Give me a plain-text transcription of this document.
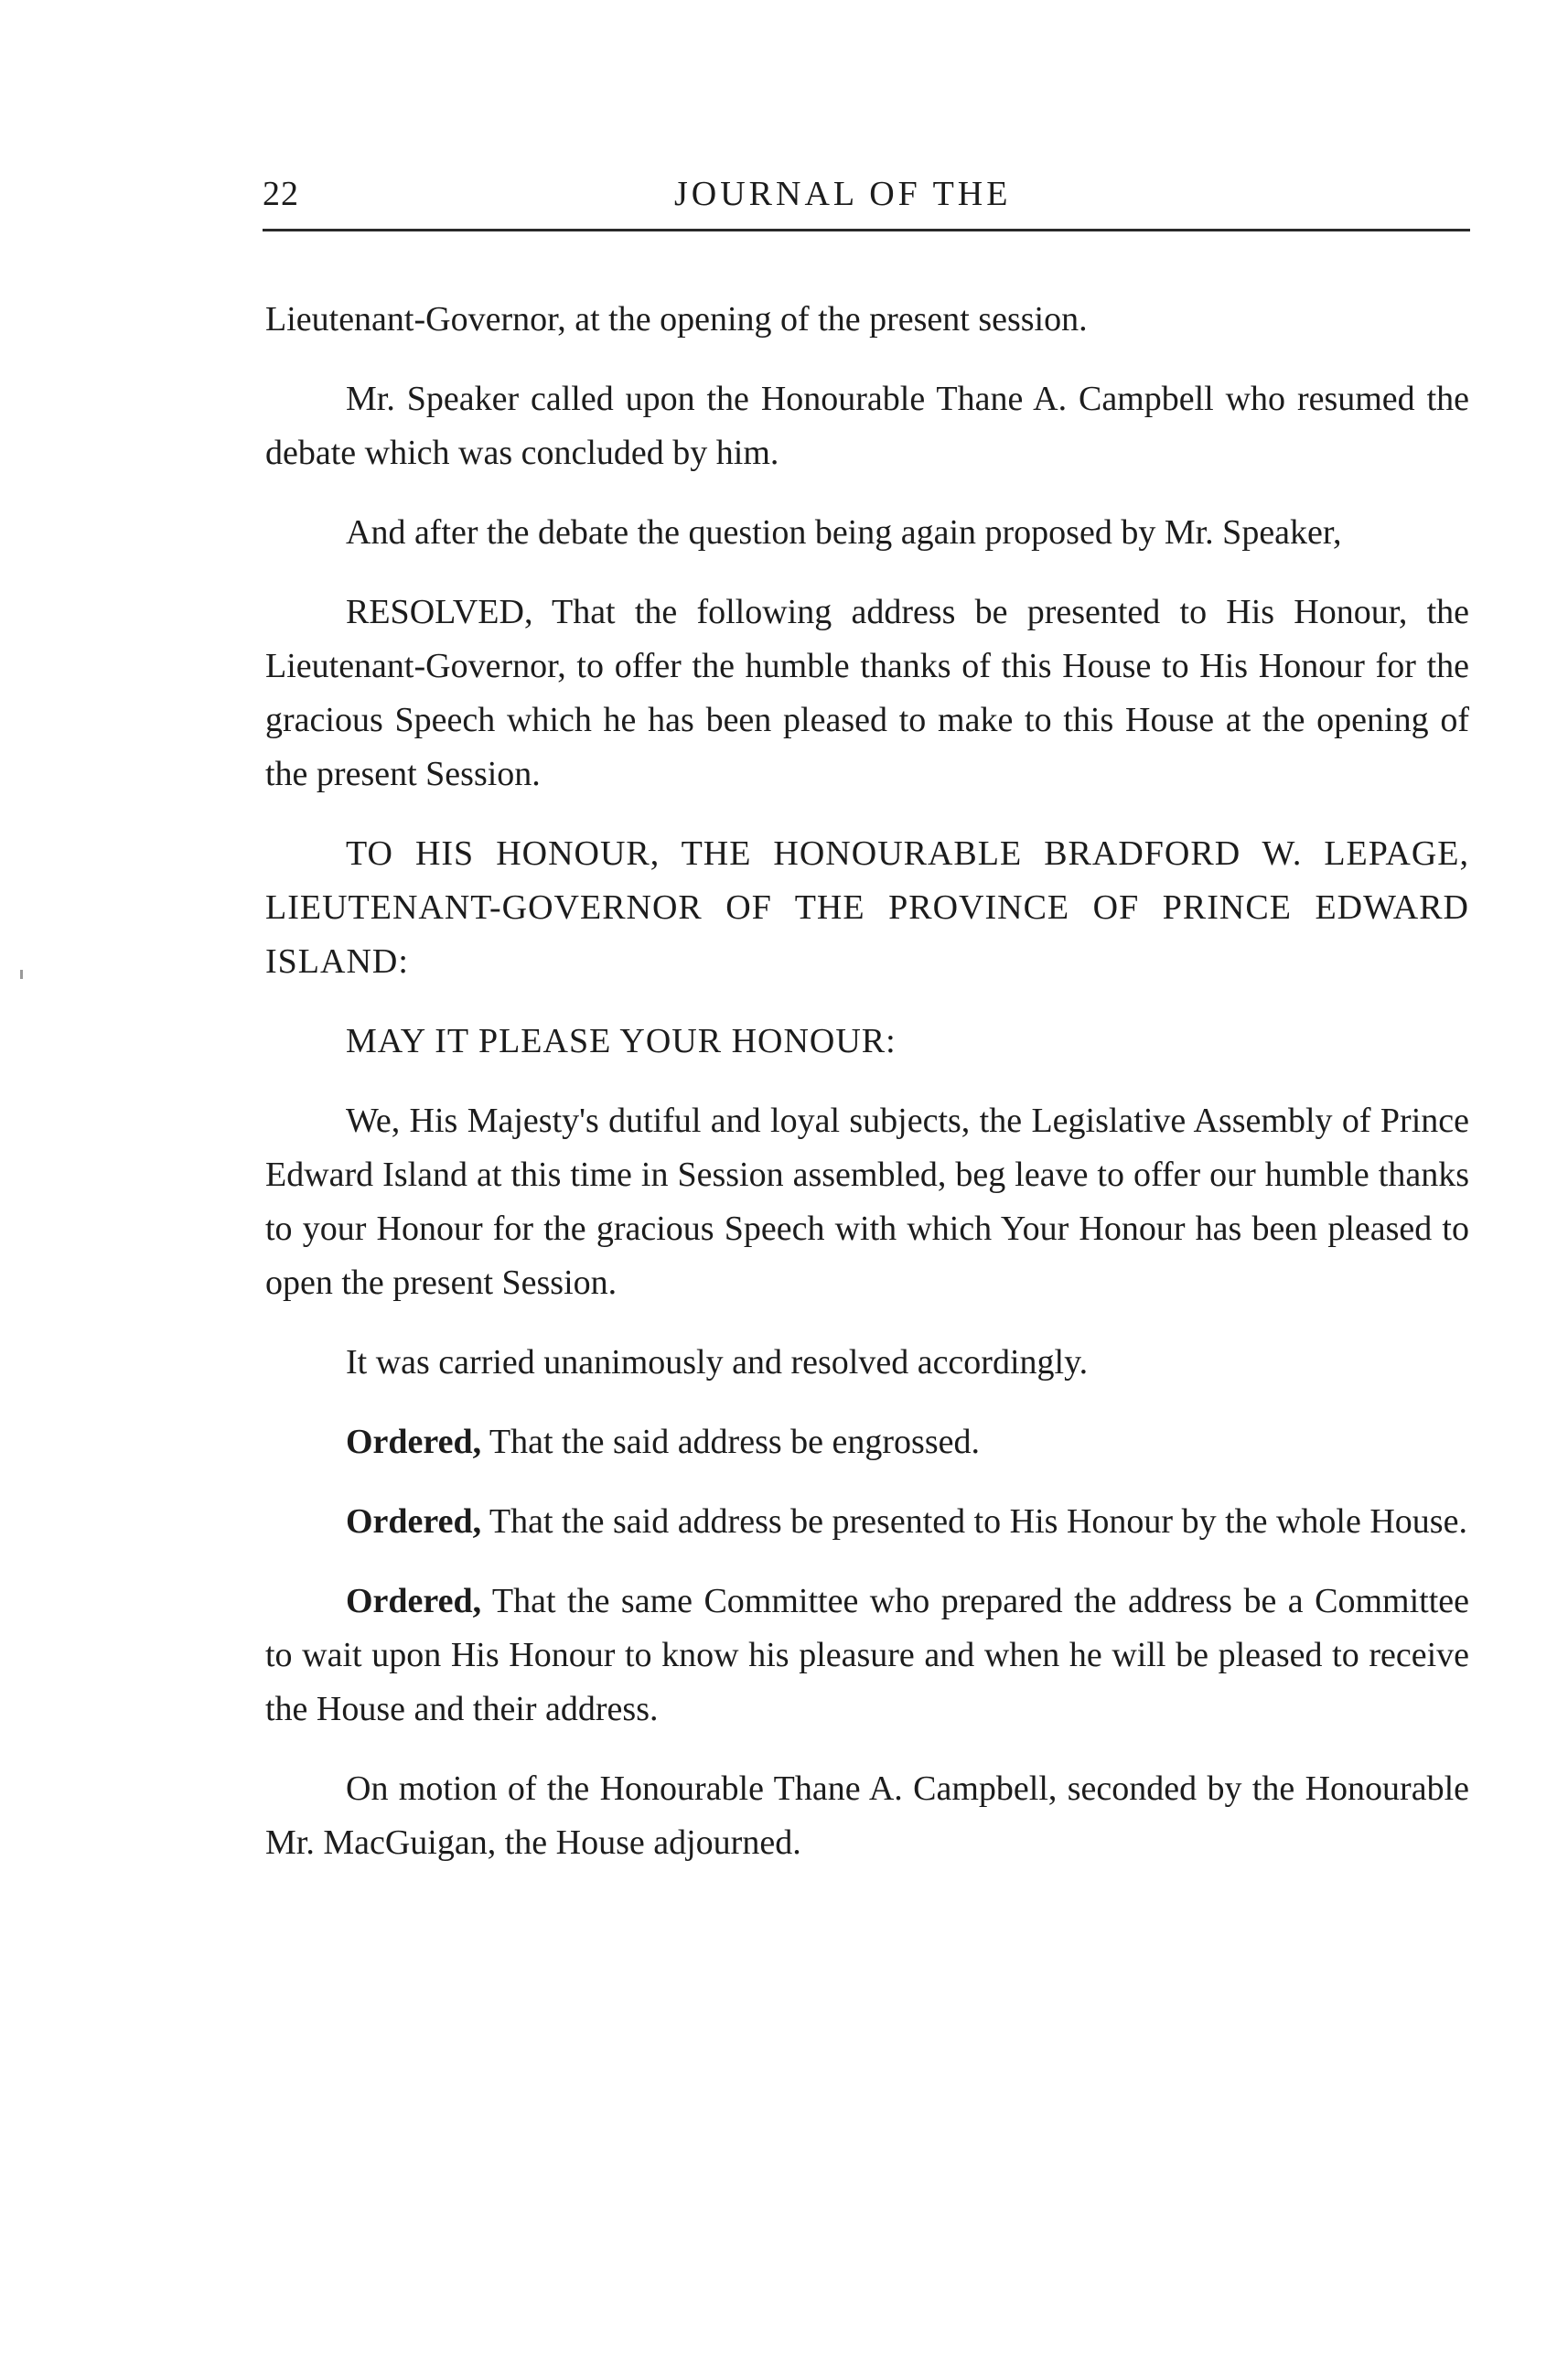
22	JOURNAL OF THE

Lieutenant-Governor, at the opening of the present session.

Mr. Speaker called upon the Honourable Thane A. Campbell who resumed the debate which was concluded by him.

And after the debate the question being again proposed by Mr. Speaker,

RESOLVED, That the following address be presented to His Honour, the Lieutenant-Governor, to offer the humble thanks of this House to His Honour for the gracious Speech which he has been pleased to make to this House at the opening of the present Session.

TO HIS HONOUR, THE HONOURABLE BRADFORD W. LEPAGE, LIEUTENANT-GOVERNOR OF THE PROVINCE OF PRINCE EDWARD ISLAND:

MAY IT PLEASE YOUR HONOUR:

We, His Majesty's dutiful and loyal subjects, the Legislative Assembly of Prince Edward Island at this time in Session assembled, beg leave to offer our humble thanks to your Honour for the gracious Speech with which Your Honour has been pleased to open the present Session.

It was carried unanimously and resolved accordingly.

Ordered, That the said address be engrossed.

Ordered, That the said address be presented to His Honour by the whole House.

Ordered, That the same Committee who prepared the address be a Committee to wait upon His Honour to know his pleasure and when he will be pleased to receive the House and their address.

On motion of the Honourable Thane A. Campbell, seconded by the Honourable Mr. MacGuigan, the House adjourned.
